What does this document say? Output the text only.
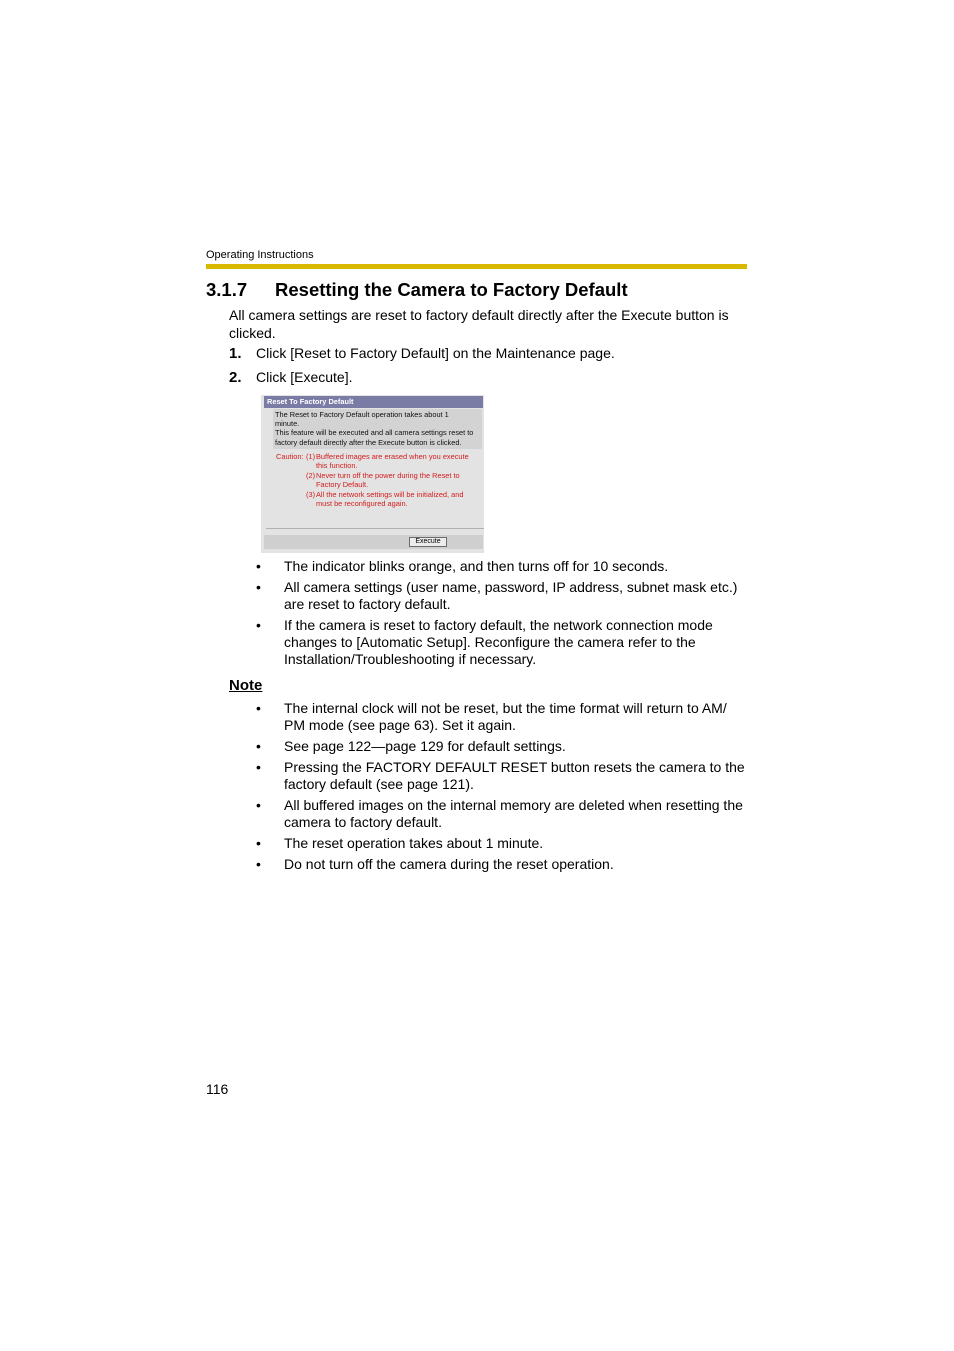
Operating Instructions
3.1.7 Resetting the Camera to Factory Default
All camera settings are reset to factory default directly after the Execute button is clicked.
1. Click [Reset to Factory Default] on the Maintenance page.
2. Click [Execute].
Reset To Factory Default
The Reset to Factory Default operation takes about 1
minute.
This feature will be executed and all camera settings reset to
factory default directly after the Execute button is clicked.
Caution: (1)Buffered images are erased when you execute
this function.
(2)Never turn off the power during the Reset to
Factory Default.
(3)All the network settings will be initialized, and
must be reconfigured again.
Execute
• The indicator blinks orange, and then turns off for 10 seconds.
• All camera settings (user name, password, IP address, subnet mask etc.) are reset to factory default.
• If the camera is reset to factory default, the network connection mode changes to [Automatic Setup]. Reconfigure the camera refer to the Installation/Troubleshooting if necessary.
Note
• The internal clock will not be reset, but the time format will return to AM/ PM mode (see page 63). Set it again.
• See page 122—page 129 for default settings.
• Pressing the FACTORY DEFAULT RESET button resets the camera to the factory default (see page 121).
• All buffered images on the internal memory are deleted when resetting the camera to factory default.
• The reset operation takes about 1 minute.
• Do not turn off the camera during the reset operation.
116
